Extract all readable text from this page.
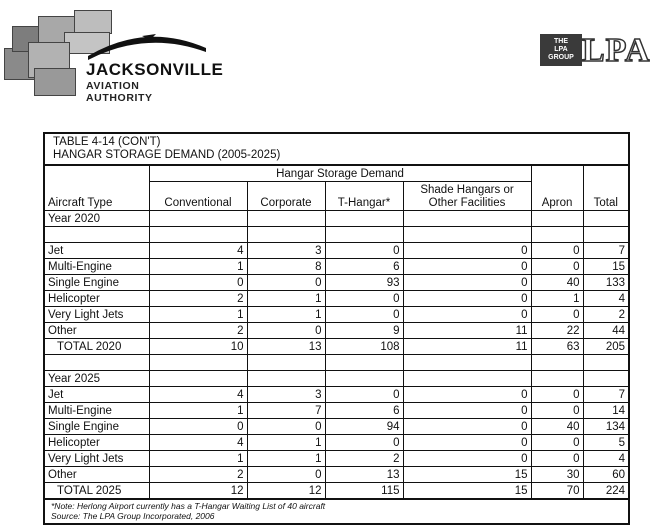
JACKSONVILLE
AVIATION AUTHORITY
THE
LPA
GROUP LPA
TABLE 4-14 (CON'T)
HANGAR STORAGE DEMAND (2005-2025)
	Hangar Storage Demand					
Aircraft Type	Conventional	Corporate	T-Hangar*	Shade Hangars or Other Facilities	Apron	Total
Year 2020						

Jet	4	3	0	0	0	7
Multi-Engine	1	8	6	0	0	15
Single Engine	0	0	93	0	40	133
Helicopter	2	1	0	0	1	4
Very Light Jets	1	1	0	0	0	2
Other	2	0	9	11	22	44
TOTAL 2020	10	13	108	11	63	205

Year 2025						
Jet	4	3	0	0	0	7
Multi-Engine	1	7	6	0	0	14
Single Engine	0	0	94	0	40	134
Helicopter	4	1	0	0	0	5
Very Light Jets	1	1	2	0	0	4
Other	2	0	13	15	30	60
TOTAL 2025	12	12	115	15	70	224
*Note: Herlong Airport currently has a T-Hangar Waiting List of 40 aircraft
Source: The LPA Group Incorporated, 2006
